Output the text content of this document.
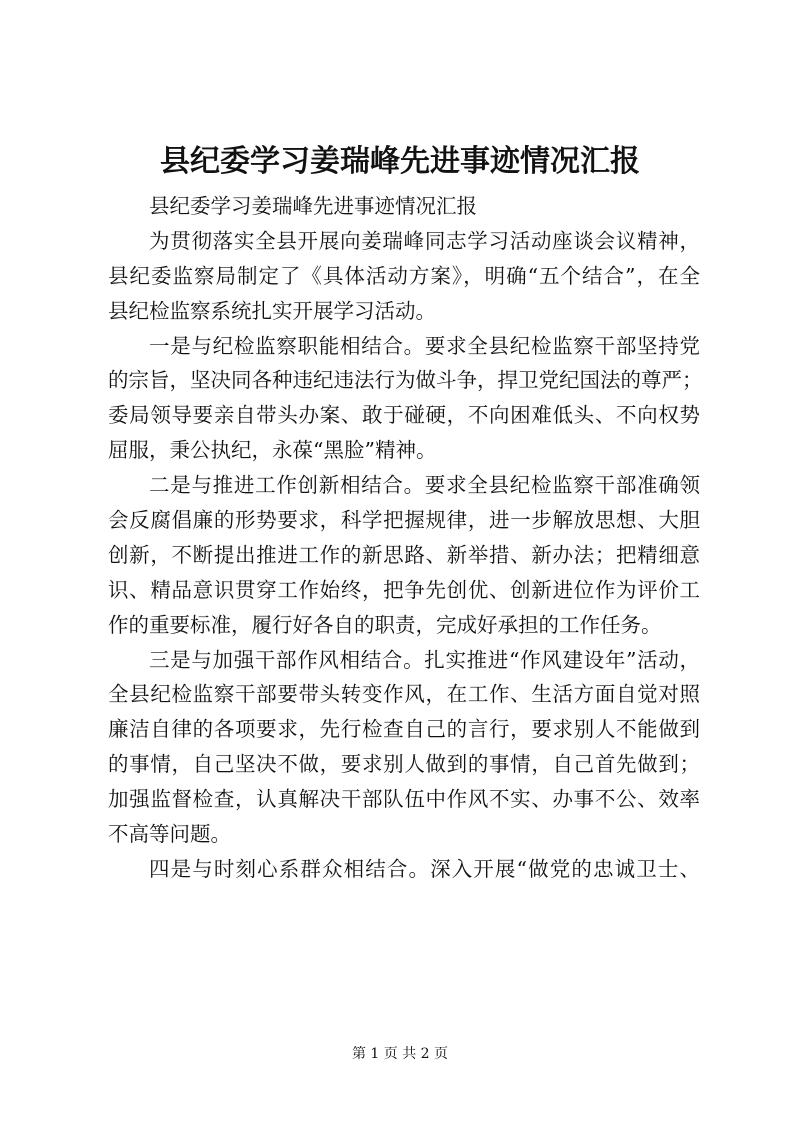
县纪委学习姜瑞峰先进事迹情况汇报
县纪委学习姜瑞峰先进事迹情况汇报
为贯彻落实全县开展向姜瑞峰同志学习活动座谈会议精神，
县纪委监察局制定了《具体活动方案》，明确“五个结合”，在全
县纪检监察系统扎实开展学习活动。
一是与纪检监察职能相结合。要求全县纪检监察干部坚持党
的宗旨，坚决同各种违纪违法行为做斗争，捍卫党纪国法的尊严；
委局领导要亲自带头办案、敢于碰硬，不向困难低头、不向权势
屈服，秉公执纪，永葆“黑脸”精神。
二是与推进工作创新相结合。要求全县纪检监察干部准确领
会反腐倡廉的形势要求，科学把握规律，进一步解放思想、大胆
创新，不断提出推进工作的新思路、新举措、新办法；把精细意
识、精品意识贯穿工作始终，把争先创优、创新进位作为评价工
作的重要标准，履行好各自的职责，完成好承担的工作任务。
三是与加强干部作风相结合。扎实推进“作风建设年”活动，
全县纪检监察干部要带头转变作风，在工作、生活方面自觉对照
廉洁自律的各项要求，先行检查自己的言行，要求别人不能做到
的事情，自己坚决不做，要求别人做到的事情，自己首先做到；
加强监督检查，认真解决干部队伍中作风不实、办事不公、效率
不高等问题。
四是与时刻心系群众相结合。深入开展“做党的忠诚卫士、
第 1 页 共 2 页
